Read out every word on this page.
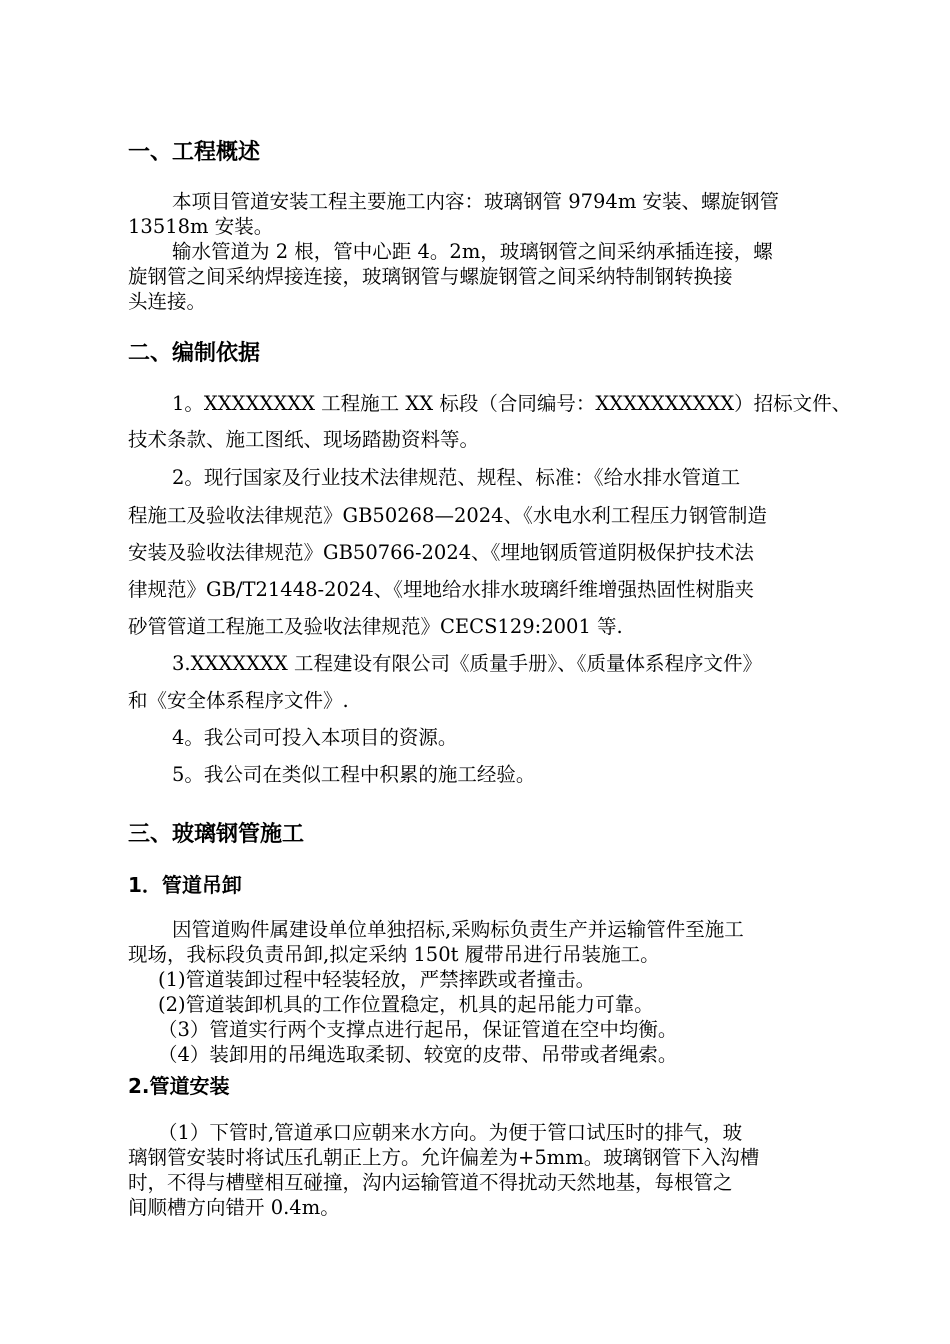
一、工程概述
本项目管道安装工程主要施工内容：玻璃钢管 9794m 安装、螺旋钢管
13518m 安装。
输水管道为 2 根，管中心距 4。2m，玻璃钢管之间采纳承插连接，螺
旋钢管之间采纳焊接连接，玻璃钢管与螺旋钢管之间采纳特制钢转换接
头连接。
二、编制依据
1。XXXXXXXX 工程施工 XX 标段（合同编号：XXXXXXXXXX）招标文件、
技术条款、施工图纸、现场踏勘资料等。
2。现行国家及行业技术法律规范、规程、标准：《给水排水管道工
程施工及验收法律规范》GB50268—2024、《水电水利工程压力钢管制造
安装及验收法律规范》GB50766-2024、《埋地钢质管道阴极保护技术法
律规范》GB/T21448-2024、《埋地给水排水玻璃纤维增强热固性树脂夹
砂管管道工程施工及验收法律规范》CECS129:2001 等.
3.XXXXXXX 工程建设有限公司《质量手册》、《质量体系程序文件》
和《安全体系程序文件》.
4。我公司可投入本项目的资源。
5。我公司在类似工程中积累的施工经验。
三、玻璃钢管施工
1．管道吊卸
因管道购件属建设单位单独招标,采购标负责生产并运输管件至施工
现场，我标段负责吊卸,拟定采纳 150t 履带吊进行吊装施工。
(1)管道装卸过程中轻装轻放，严禁摔跌或者撞击。
(2)管道装卸机具的工作位置稳定，机具的起吊能力可靠。
（3）管道实行两个支撑点进行起吊，保证管道在空中均衡。
（4）装卸用的吊绳选取柔韧、较宽的皮带、吊带或者绳索。
2.管道安装
（1）下管时,管道承口应朝来水方向。为便于管口试压时的排气，玻
璃钢管安装时将试压孔朝正上方。允许偏差为+5mm。玻璃钢管下入沟槽
时，不得与槽壁相互碰撞，沟内运输管道不得扰动天然地基，每根管之
间顺槽方向错开 0.4m。
